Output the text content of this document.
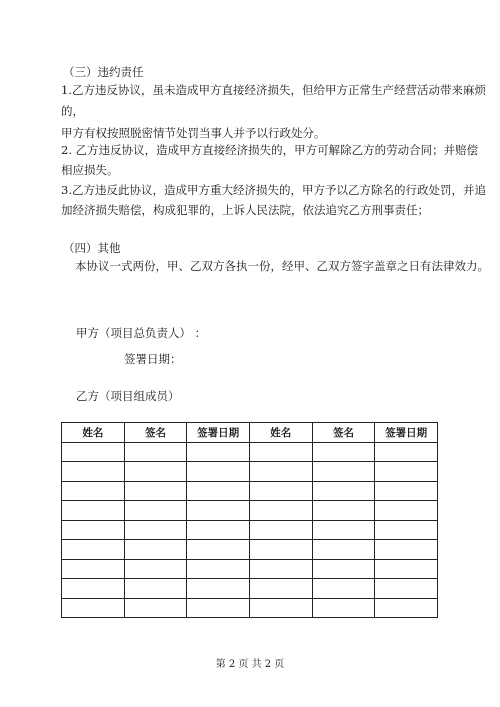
（三）违约责任
1.乙方违反协议，虽未造成甲方直接经济损失，但给甲方正常生产经营活动带来麻烦
的，
甲方有权按照脱密情节处罚当事人并予以行政处分。
2. 乙方违反协议，造成甲方直接经济损失的，甲方可解除乙方的劳动合同；并赔偿
相应损失。
3.乙方违反此协议，造成甲方重大经济损失的，甲方予以乙方除名的行政处罚，并追
加经济损失赔偿，构成犯罪的，上诉人民法院，依法追究乙方刑事责任；
（四）其他
本协议一式两份，甲、乙双方各执一份，经甲、乙双方签字盖章之日有法律效力。
甲方（项目总负责人） ：
签署日期：
乙方（项目组成员）
姓名	签名	签署日期	姓名	签名	签署日期

第 2 页 共 2 页
